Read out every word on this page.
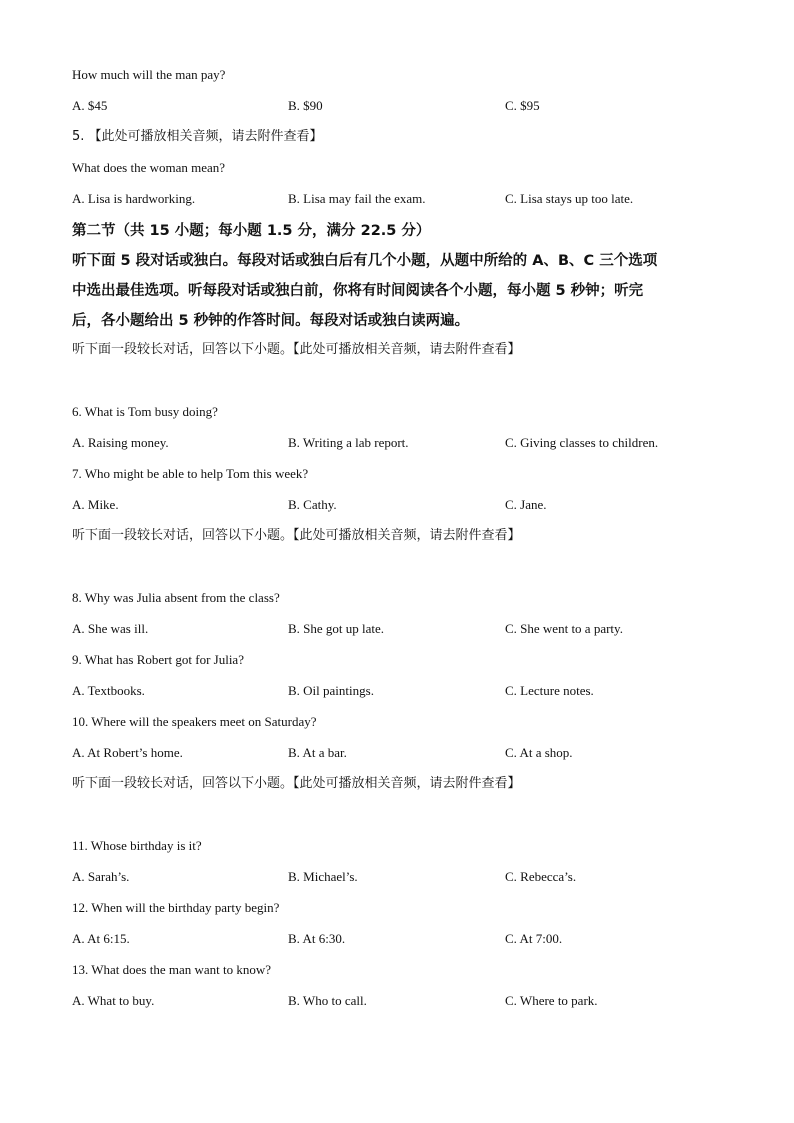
How much will the man pay?
A. $45	B. $90	C. $95
5. 【此处可播放相关音频，请去附件查看】
What does the woman mean?
A. Lisa is hardworking.	B. Lisa may fail the exam.	C. Lisa stays up too late.
第二节（共 15 小题；每小题 1.5 分，满分 22.5 分）
听下面 5 段对话或独白。每段对话或独白后有几个小题，从题中所给的 A、B、C 三个选项
中选出最佳选项。听每段对话或独白前，你将有时间阅读各个小题，每小题 5 秒钟；听完
后，各小题给出 5 秒钟的作答时间。每段对话或独白读两遍。
听下面一段较长对话，回答以下小题。【此处可播放相关音频，请去附件查看】
6. What is Tom busy doing?
A. Raising money.	B. Writing a lab report.	C. Giving classes to children.
7. Who might be able to help Tom this week?
A. Mike.	B. Cathy.	C. Jane.
听下面一段较长对话，回答以下小题。【此处可播放相关音频，请去附件查看】
8. Why was Julia absent from the class?
A. She was ill.	B. She got up late.	C. She went to a party.
9. What has Robert got for Julia?
A. Textbooks.	B. Oil paintings.	C. Lecture notes.
10. Where will the speakers meet on Saturday?
A. At Robert’s home.	B. At a bar.	C. At a shop.
听下面一段较长对话，回答以下小题。【此处可播放相关音频，请去附件查看】
11. Whose birthday is it?
A. Sarah’s.	B. Michael’s.	C. Rebecca’s.
12. When will the birthday party begin?
A. At 6:15.	B. At 6:30.	C. At 7:00.
13. What does the man want to know?
A. What to buy.	B. Who to call.	C. Where to park.
